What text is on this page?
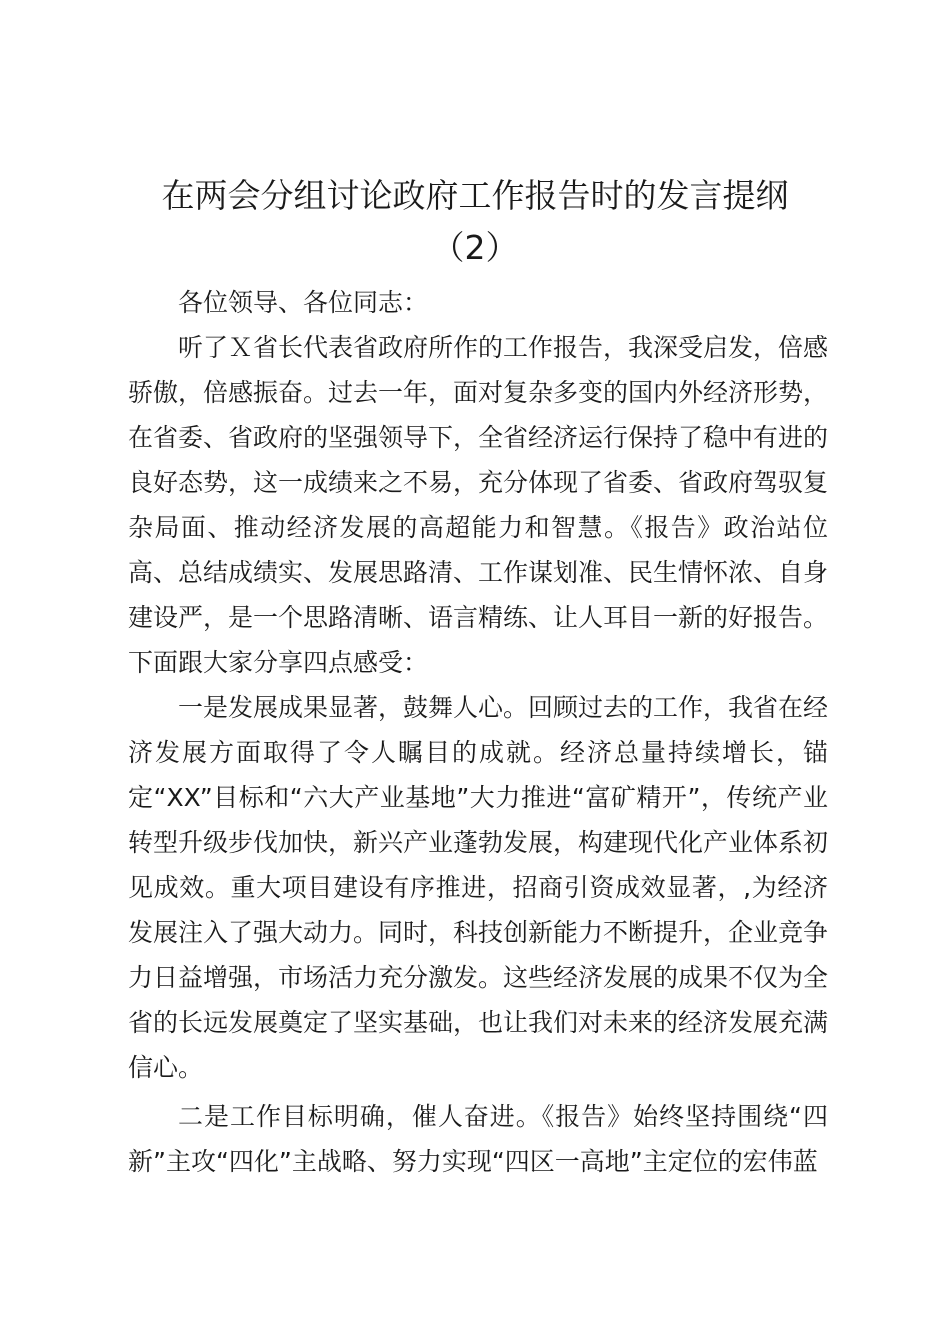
在两会分组讨论政府工作报告时的发言提纲
（2）

各位领导、各位同志：

听了Ｘ省长代表省政府所作的工作报告，我深受启发，倍感骄傲，倍感振奋。过去一年，面对复杂多变的国内外经济形势，在省委、省政府的坚强领导下，全省经济运行保持了稳中有进的良好态势，这一成绩来之不易，充分体现了省委、省政府驾驭复杂局面、推动经济发展的高超能力和智慧。《报告》政治站位高、总结成绩实、发展思路清、工作谋划准、民生情怀浓、自身建设严，是一个思路清晰、语言精练、让人耳目一新的好报告。下面跟大家分享四点感受：

一是发展成果显著，鼓舞人心。回顾过去的工作，我省在经济发展方面取得了令人瞩目的成就。经济总量持续增长，锚定“XX”目标和“六大产业基地”大力推进“富矿精开”，传统产业转型升级步伐加快，新兴产业蓬勃发展，构建现代化产业体系初见成效。重大项目建设有序推进，招商引资成效显著，,为经济发展注入了强大动力。同时，科技创新能力不断提升，企业竞争力日益增强，市场活力充分激发。这些经济发展的成果不仅为全省的长远发展奠定了坚实基础，也让我们对未来的经济发展充满信心。

二是工作目标明确，催人奋进。《报告》始终坚持围绕“四新”主攻“四化”主战略、努力实现“四区一高地”主定位的宏伟蓝
